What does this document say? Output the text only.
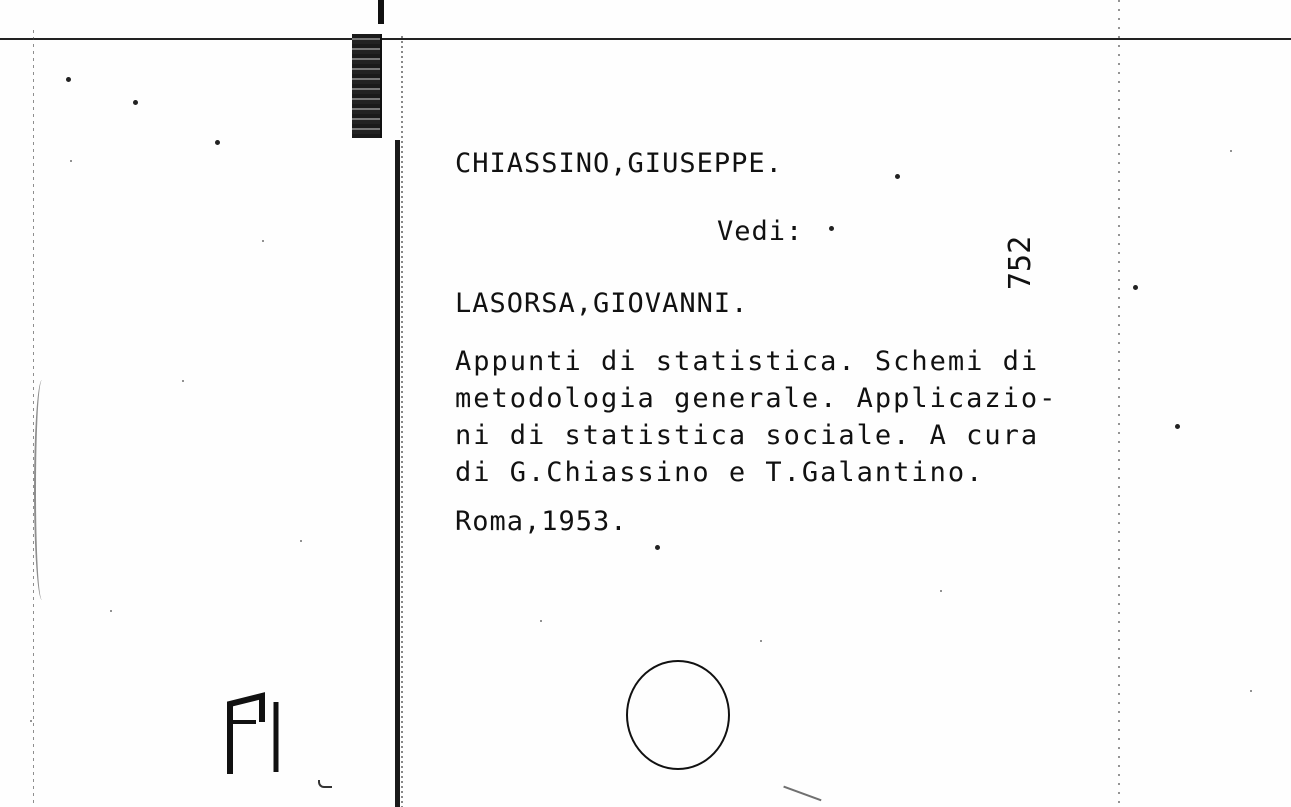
CHIASSINO,GIUSEPPE.
Vedi:
752
LASORSA,GIOVANNI.
Appunti di statistica. Schemi di
metodologia generale. Applicazio-
ni di statistica sociale. A cura
di G.Chiassino e T.Galantino.
Roma,1953.
